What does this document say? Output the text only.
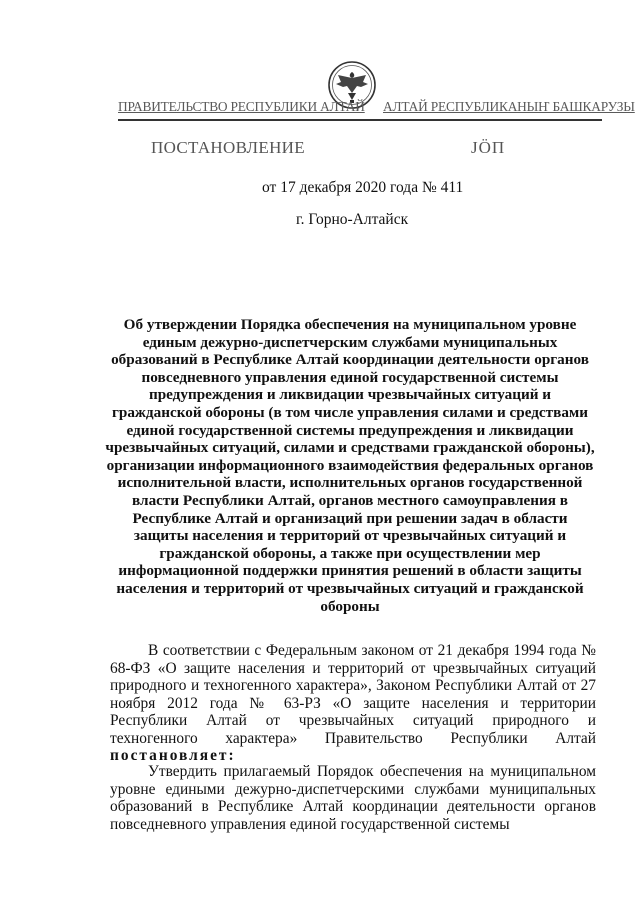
ПРАВИТЕЛЬСТВО РЕСПУБЛИКИ АЛТАЙ АЛТАЙ РЕСПУБЛИКАНЫҤ БАШКАРУЗЫ
ПОСТАНОВЛЕНИЕ	ЈӦП
от 17 декабря 2020 года № 411
г. Горно-Алтайск
Об утверждении Порядка обеспечения на муниципальном уровне единым дежурно-диспетчерским службами муниципальных образований в Республике Алтай координации деятельности органов повседневного управления единой государственной системы предупреждения и ликвидации чрезвычайных ситуаций и гражданской обороны (в том числе управления силами и средствами единой государственной системы предупреждения и ликвидации чрезвычайных ситуаций, силами и средствами гражданской обороны), организации информационного взаимодействия федеральных органов исполнительной власти, исполнительных органов государственной власти Республики Алтай, органов местного самоуправления в Республике Алтай и организаций при решении задач в области защиты населения и территорий от чрезвычайных ситуаций и гражданской обороны, а также при осуществлении мер информационной поддержки принятия решений в области защиты населения и территорий от чрезвычайных ситуаций и гражданской обороны
В соответствии с Федеральным законом от 21 декабря 1994 года № 68-ФЗ «О защите населения и территорий от чрезвычайных ситуаций природного и техногенного характера», Законом Республики Алтай от 27 ноября 2012 года № 63-РЗ «О защите населения и территории Республики Алтай от чрезвычайных ситуаций природного и техногенного характера» Правительство Республики Алтай постановляет:
Утвердить прилагаемый Порядок обеспечения на муниципальном уровне едиными дежурно-диспетчерскими службами муниципальных образований в Республике Алтай координации деятельности органов повседневного управления единой государственной системы
